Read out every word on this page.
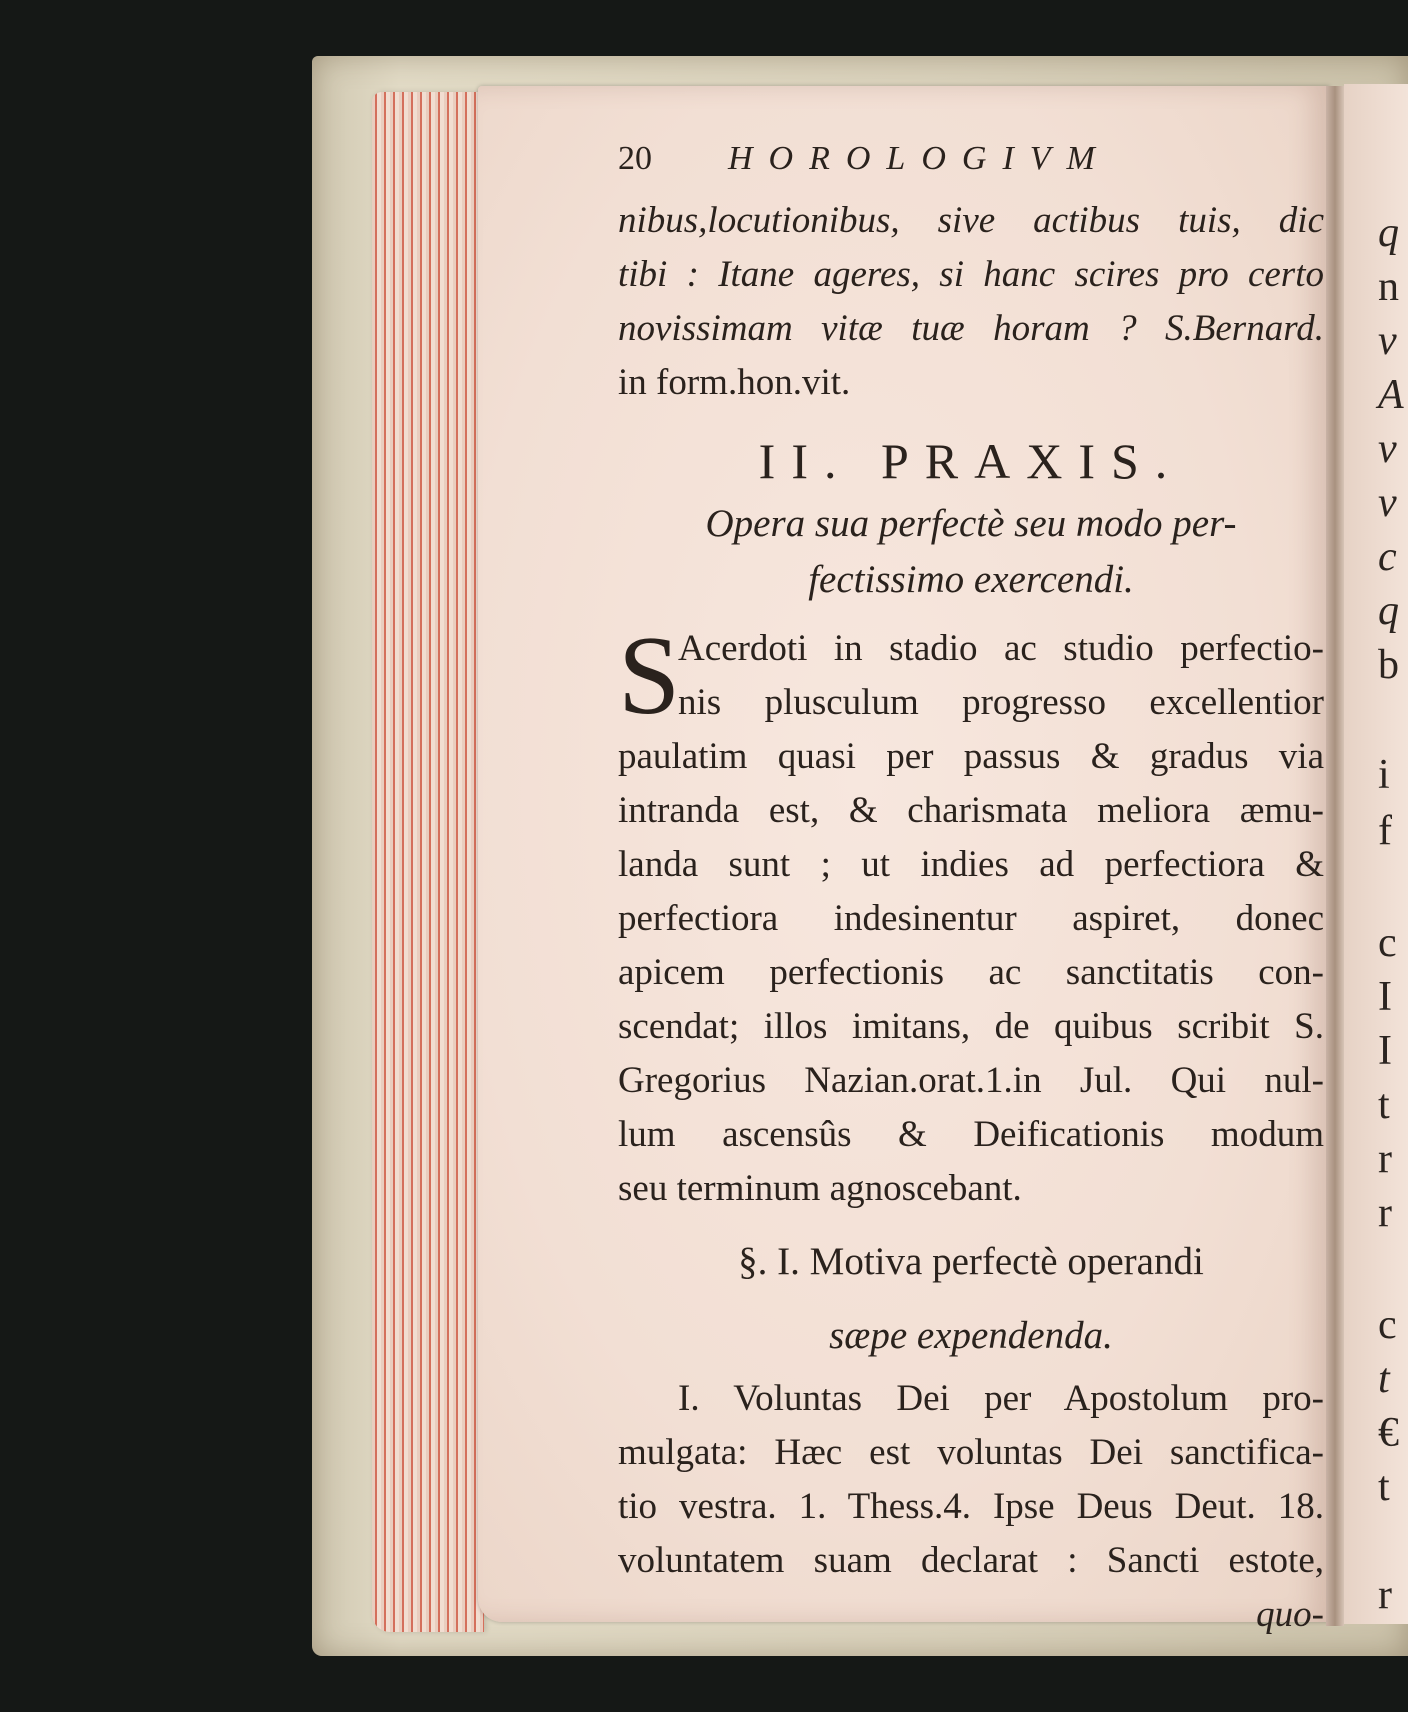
q
n
v
A
v
v
c
q
b
i
f
c
I
I
t
r
r
c
t
€
t
r
20	HOROLOGIVM
nibus,locutionibus, sive actibus tuis, dic
tibi : Itane ageres, si hanc scires pro certo
novissimam vitæ tuæ horam ? S.Bernard.
in form.hon.vit.
II. PRAXIS.
Opera sua perfectè seu modo per-
fectissimo exercendi.
S
Acerdoti in stadio ac studio perfectio-
nis plusculum progresso excellentior
paulatim quasi per passus & gradus via
intranda est, & charismata meliora æmu-
landa sunt ; ut indies ad perfectiora &
perfectiora indesinentur aspiret, donec
apicem perfectionis ac sanctitatis con-
scendat; illos imitans, de quibus scribit S.
Gregorius Nazian.orat.1.in Jul. Qui nul-
lum ascensûs & Deificationis modum
seu terminum agnoscebant.
§. I. Motiva perfectè operandi
sæpe expendenda.
I. Voluntas Dei per Apostolum pro-
mulgata: Hæc est voluntas Dei sanctifica-
tio vestra. 1. Thess.4. Ipse Deus Deut. 18.
voluntatem suam declarat : Sancti estote,
quo-
